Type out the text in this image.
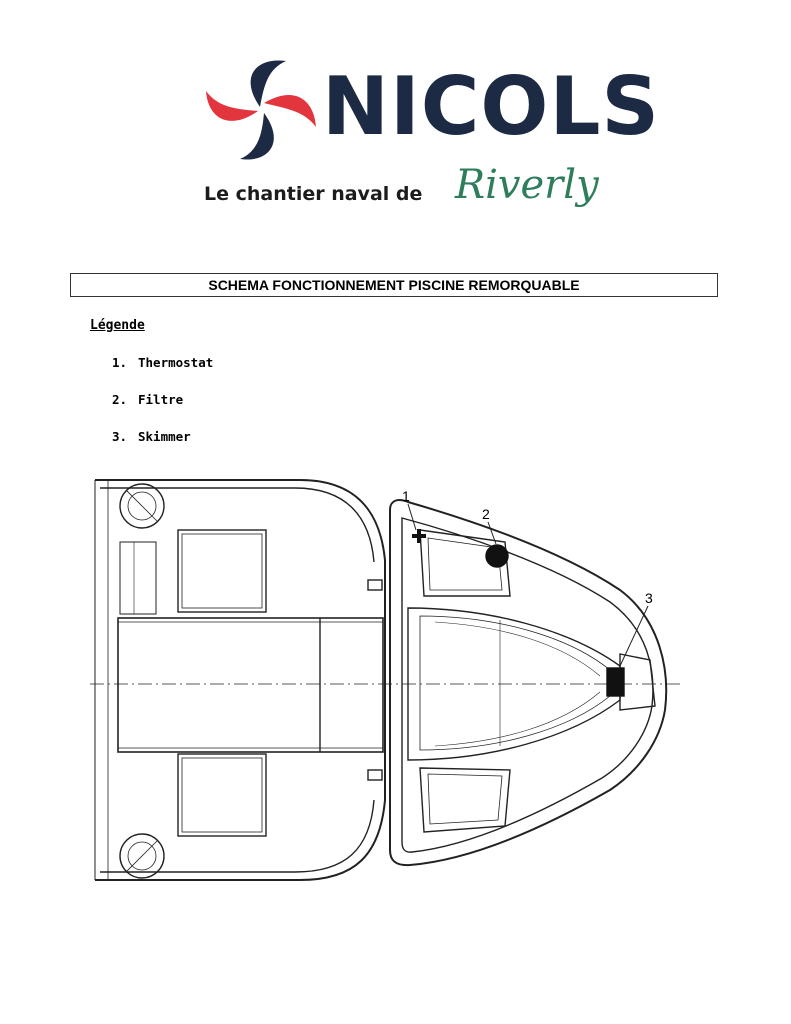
NICOLS
Le chantier naval de Riverly
SCHEMA FONCTIONNEMENT PISCINE REMORQUABLE
Légende
1. Thermostat
2. Filtre
3. Skimmer
1
2
3
